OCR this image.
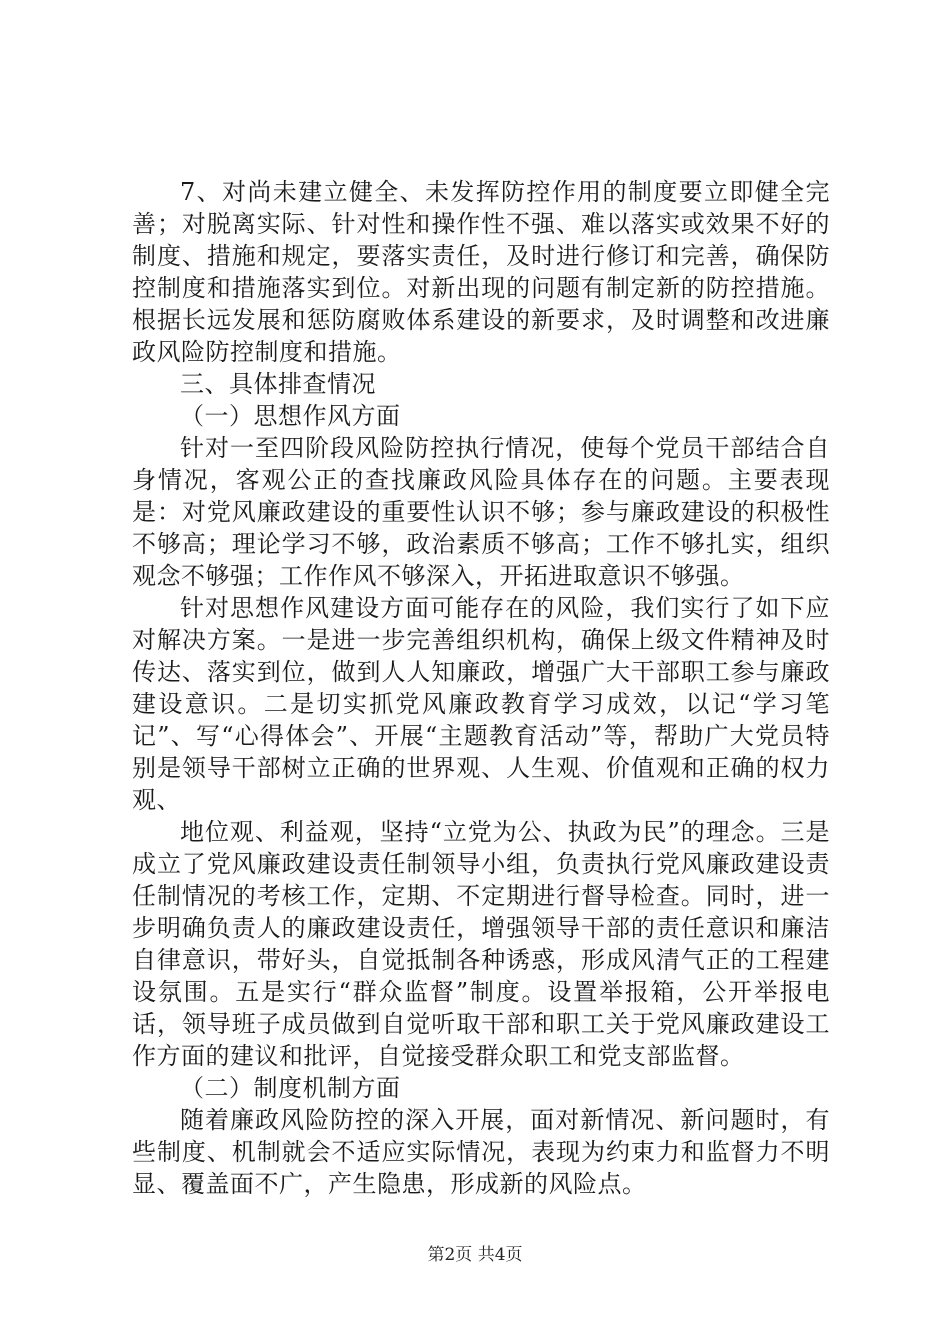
7、对尚未建立健全、未发挥防控作用的制度要立即健全完善；对脱离实际、针对性和操作性不强、难以落实或效果不好的制度、措施和规定，要落实责任，及时进行修订和完善，确保防控制度和措施落实到位。对新出现的问题有制定新的防控措施。根据长远发展和惩防腐败体系建设的新要求，及时调整和改进廉政风险防控制度和措施。

三、具体排查情况

（一）思想作风方面

针对一至四阶段风险防控执行情况，使每个党员干部结合自身情况，客观公正的查找廉政风险具体存在的问题。主要表现是：对党风廉政建设的重要性认识不够；参与廉政建设的积极性不够高；理论学习不够，政治素质不够高；工作不够扎实，组织观念不够强；工作作风不够深入，开拓进取意识不够强。

针对思想作风建设方面可能存在的风险，我们实行了如下应对解决方案。一是进一步完善组织机构，确保上级文件精神及时传达、落实到位，做到人人知廉政，增强广大干部职工参与廉政建设意识。二是切实抓党风廉政教育学习成效，以记“学习笔记”、写“心得体会”、开展“主题教育活动”等，帮助广大党员特别是领导干部树立正确的世界观、人生观、价值观和正确的权力观、

地位观、利益观，坚持“立党为公、执政为民”的理念。三是成立了党风廉政建设责任制领导小组，负责执行党风廉政建设责任制情况的考核工作，定期、不定期进行督导检查。同时，进一步明确负责人的廉政建设责任，增强领导干部的责任意识和廉洁自律意识，带好头，自觉抵制各种诱惑，形成风清气正的工程建设氛围。五是实行“群众监督”制度。设置举报箱，公开举报电话，领导班子成员做到自觉听取干部和职工关于党风廉政建设工作方面的建议和批评，自觉接受群众职工和党支部监督。

（二）制度机制方面

随着廉政风险防控的深入开展，面对新情况、新问题时，有些制度、机制就会不适应实际情况，表现为约束力和监督力不明显、覆盖面不广，产生隐患，形成新的风险点。

第2页 共4页
